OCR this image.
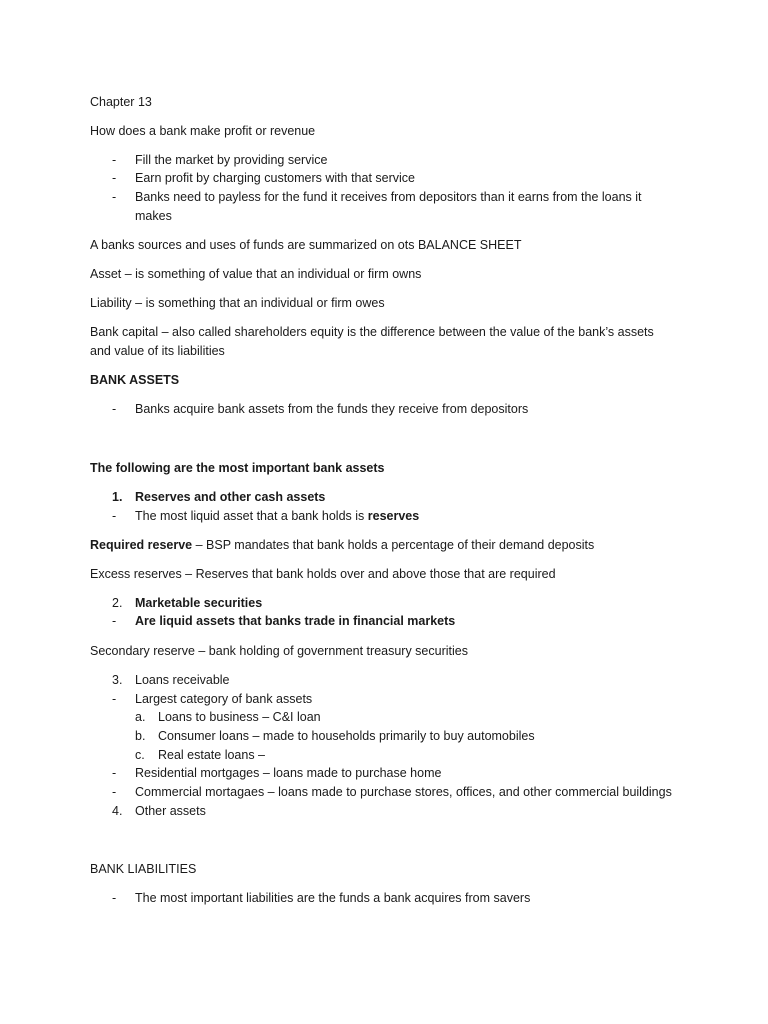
Chapter 13
How does a bank make profit or revenue
- Fill the market by providing service
- Earn profit by charging customers with that service
- Banks need to payless for the fund it receives from depositors than it earns from the loans it
makes
A banks sources and uses of funds are summarized on ots BALANCE SHEET
Asset – is something of value that an individual or firm owns
Liability – is something that an individual or firm owes
Bank capital – also called shareholders equity is the difference between the value of the bank’s assets
and value of its liabilities
BANK ASSETS
- Banks acquire bank assets from the funds they receive from depositors
The following are the most important bank assets
1. Reserves and other cash assets
- The most liquid asset that a bank holds is reserves
Required reserve – BSP mandates that bank holds a percentage of their demand deposits
Excess reserves – Reserves that bank holds over and above those that are required
2. Marketable securities
- Are liquid assets that banks trade in financial markets
Secondary reserve – bank holding of government treasury securities
3. Loans receivable
- Largest category of bank assets
a. Loans to business – C&I loan
b. Consumer loans – made to households primarily to buy automobiles
c. Real estate loans –
- Residential mortgages – loans made to purchase home
- Commercial mortagaes – loans made to purchase stores, offices, and other commercial buildings
4. Other assets
BANK LIABILITIES
- The most important liabilities are the funds a bank acquires from savers
